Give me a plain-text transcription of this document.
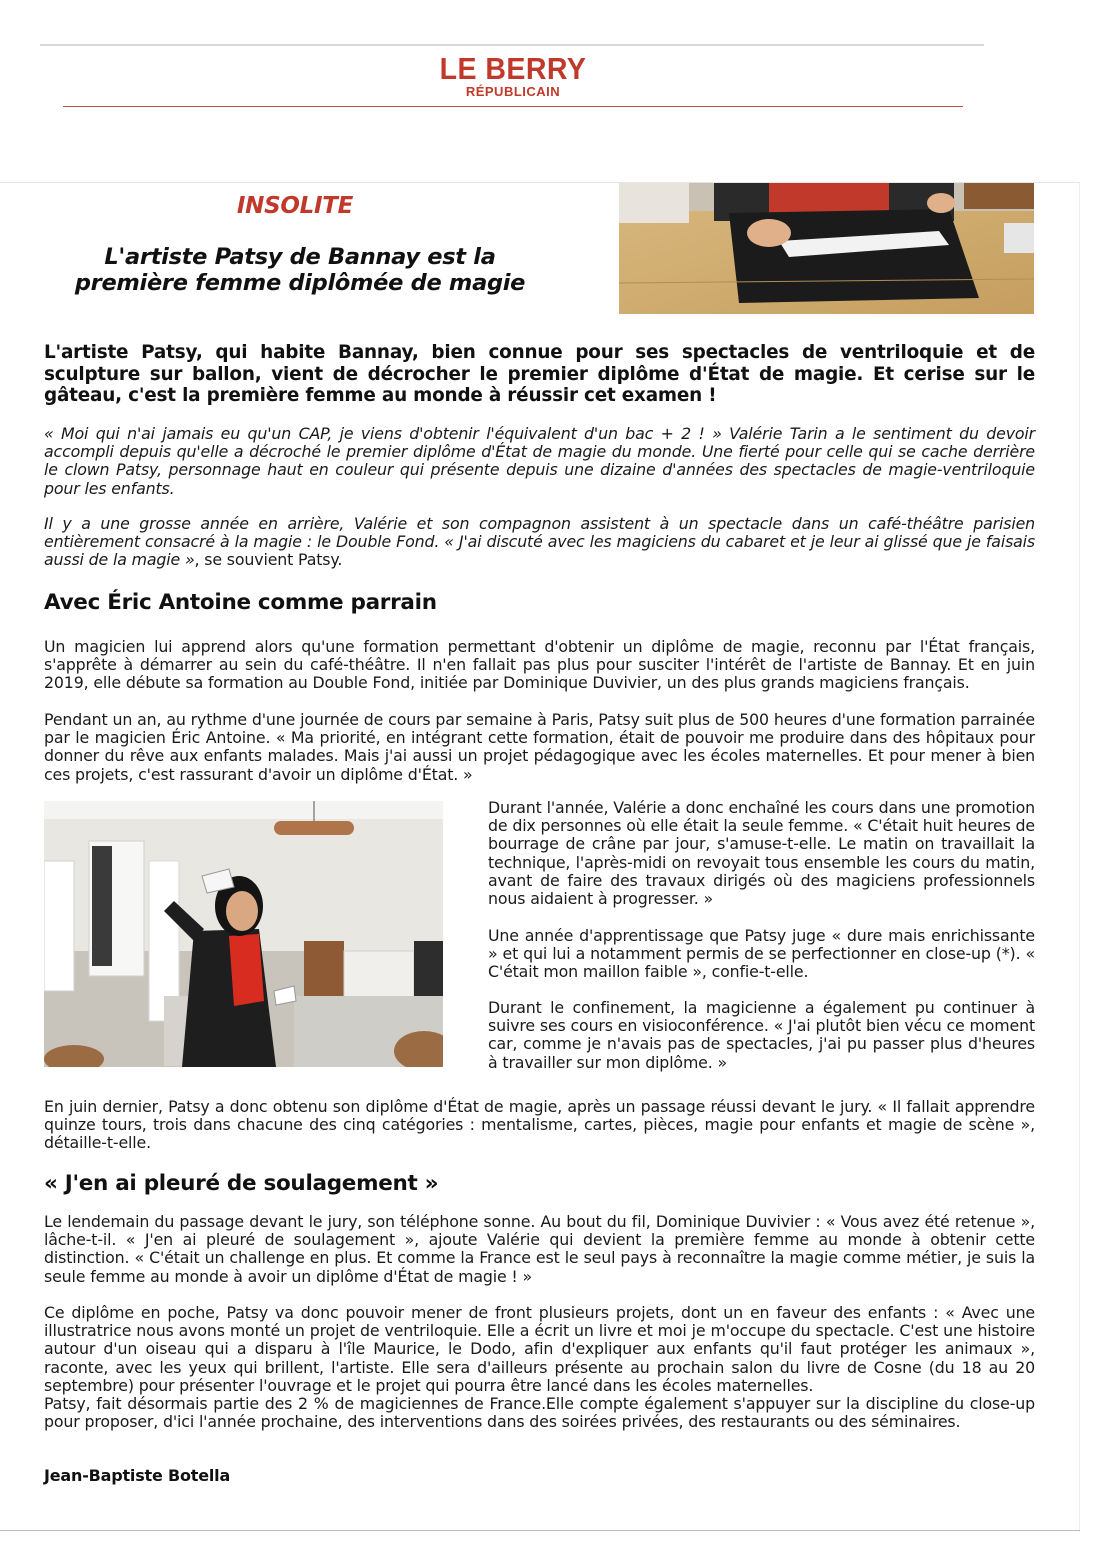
LE BERRY
RÉPUBLICAIN
INSOLITE
L'artiste Patsy de Bannay est la première femme diplômée de magie
L'artiste Patsy, qui habite Bannay, bien connue pour ses spectacles de ventriloquie et de sculpture sur ballon, vient de décrocher le premier diplôme d'État de magie. Et cerise sur le gâteau, c'est la première femme au monde à réussir cet examen !
« Moi qui n'ai jamais eu qu'un CAP, je viens d'obtenir l'équivalent d'un bac + 2 ! » Valérie Tarin a le sentiment du devoir accompli depuis qu'elle a décroché le premier diplôme d'État de magie du monde. Une fierté pour celle qui se cache derrière le clown Patsy, personnage haut en couleur qui présente depuis une dizaine d'années des spectacles de magie-ventriloquie pour les enfants.
Il y a une grosse année en arrière, Valérie et son compagnon assistent à un spectacle dans un café-théâtre parisien entièrement consacré à la magie : le Double Fond. « J'ai discuté avec les magiciens du cabaret et je leur ai glissé que je faisais aussi de la magie », se souvient Patsy.
Avec Éric Antoine comme parrain
Un magicien lui apprend alors qu'une formation permettant d'obtenir un diplôme de magie, reconnu par l'État français, s'apprête à démarrer au sein du café-théâtre. Il n'en fallait pas plus pour susciter l'intérêt de l'artiste de Bannay. Et en juin 2019, elle débute sa formation au Double Fond, initiée par Dominique Duvivier, un des plus grands magiciens français.
Pendant un an, au rythme d'une journée de cours par semaine à Paris, Patsy suit plus de 500 heures d'une formation parrainée par le magicien Éric Antoine. « Ma priorité, en intégrant cette formation, était de pouvoir me produire dans des hôpitaux pour donner du rêve aux enfants malades. Mais j'ai aussi un projet pédagogique avec les écoles maternelles. Et pour mener à bien ces projets, c'est rassurant d'avoir un diplôme d'État. »
Durant l'année, Valérie a donc enchaîné les cours dans une promotion de dix personnes où elle était la seule femme. « C'était huit heures de bourrage de crâne par jour, s'amuse-t-elle. Le matin on travaillait la technique, l'après-midi on revoyait tous ensemble les cours du matin, avant de faire des travaux dirigés où des magiciens professionnels nous aidaient à progresser. »
Une année d'apprentissage que Patsy juge « dure mais enrichissante » et qui lui a notamment permis de se perfectionner en close-up (*). « C'était mon maillon faible », confie-t-elle.
Durant le confinement, la magicienne a également pu continuer à suivre ses cours en visioconférence. « J'ai plutôt bien vécu ce moment car, comme je n'avais pas de spectacles, j'ai pu passer plus d'heures à travailler sur mon diplôme. »
En juin dernier, Patsy a donc obtenu son diplôme d'État de magie, après un passage réussi devant le jury. « Il fallait apprendre quinze tours, trois dans chacune des cinq catégories : mentalisme, cartes, pièces, magie pour enfants et magie de scène », détaille-t-elle.
« J'en ai pleuré de soulagement »
Le lendemain du passage devant le jury, son téléphone sonne. Au bout du fil, Dominique Duvivier : « Vous avez été retenue », lâche-t-il. « J'en ai pleuré de soulagement », ajoute Valérie qui devient la première femme au monde à obtenir cette distinction. « C'était un challenge en plus. Et comme la France est le seul pays à reconnaître la magie comme métier, je suis la seule femme au monde à avoir un diplôme d'État de magie ! »
Ce diplôme en poche, Patsy va donc pouvoir mener de front plusieurs projets, dont un en faveur des enfants : « Avec une illustratrice nous avons monté un projet de ventriloquie. Elle a écrit un livre et moi je m'occupe du spectacle. C'est une histoire autour d'un oiseau qui a disparu à l'île Maurice, le Dodo, afin d'expliquer aux enfants qu'il faut protéger les animaux », raconte, avec les yeux qui brillent, l'artiste. Elle sera d'ailleurs présente au prochain salon du livre de Cosne (du 18 au 20 septembre) pour présenter l'ouvrage et le projet qui pourra être lancé dans les écoles maternelles.
Patsy, fait désormais partie des 2 % de magiciennes de France.Elle compte également s'appuyer sur la discipline du close-up pour proposer, d'ici l'année prochaine, des interventions dans des soirées privées, des restaurants ou des séminaires.
Jean-Baptiste Botella
